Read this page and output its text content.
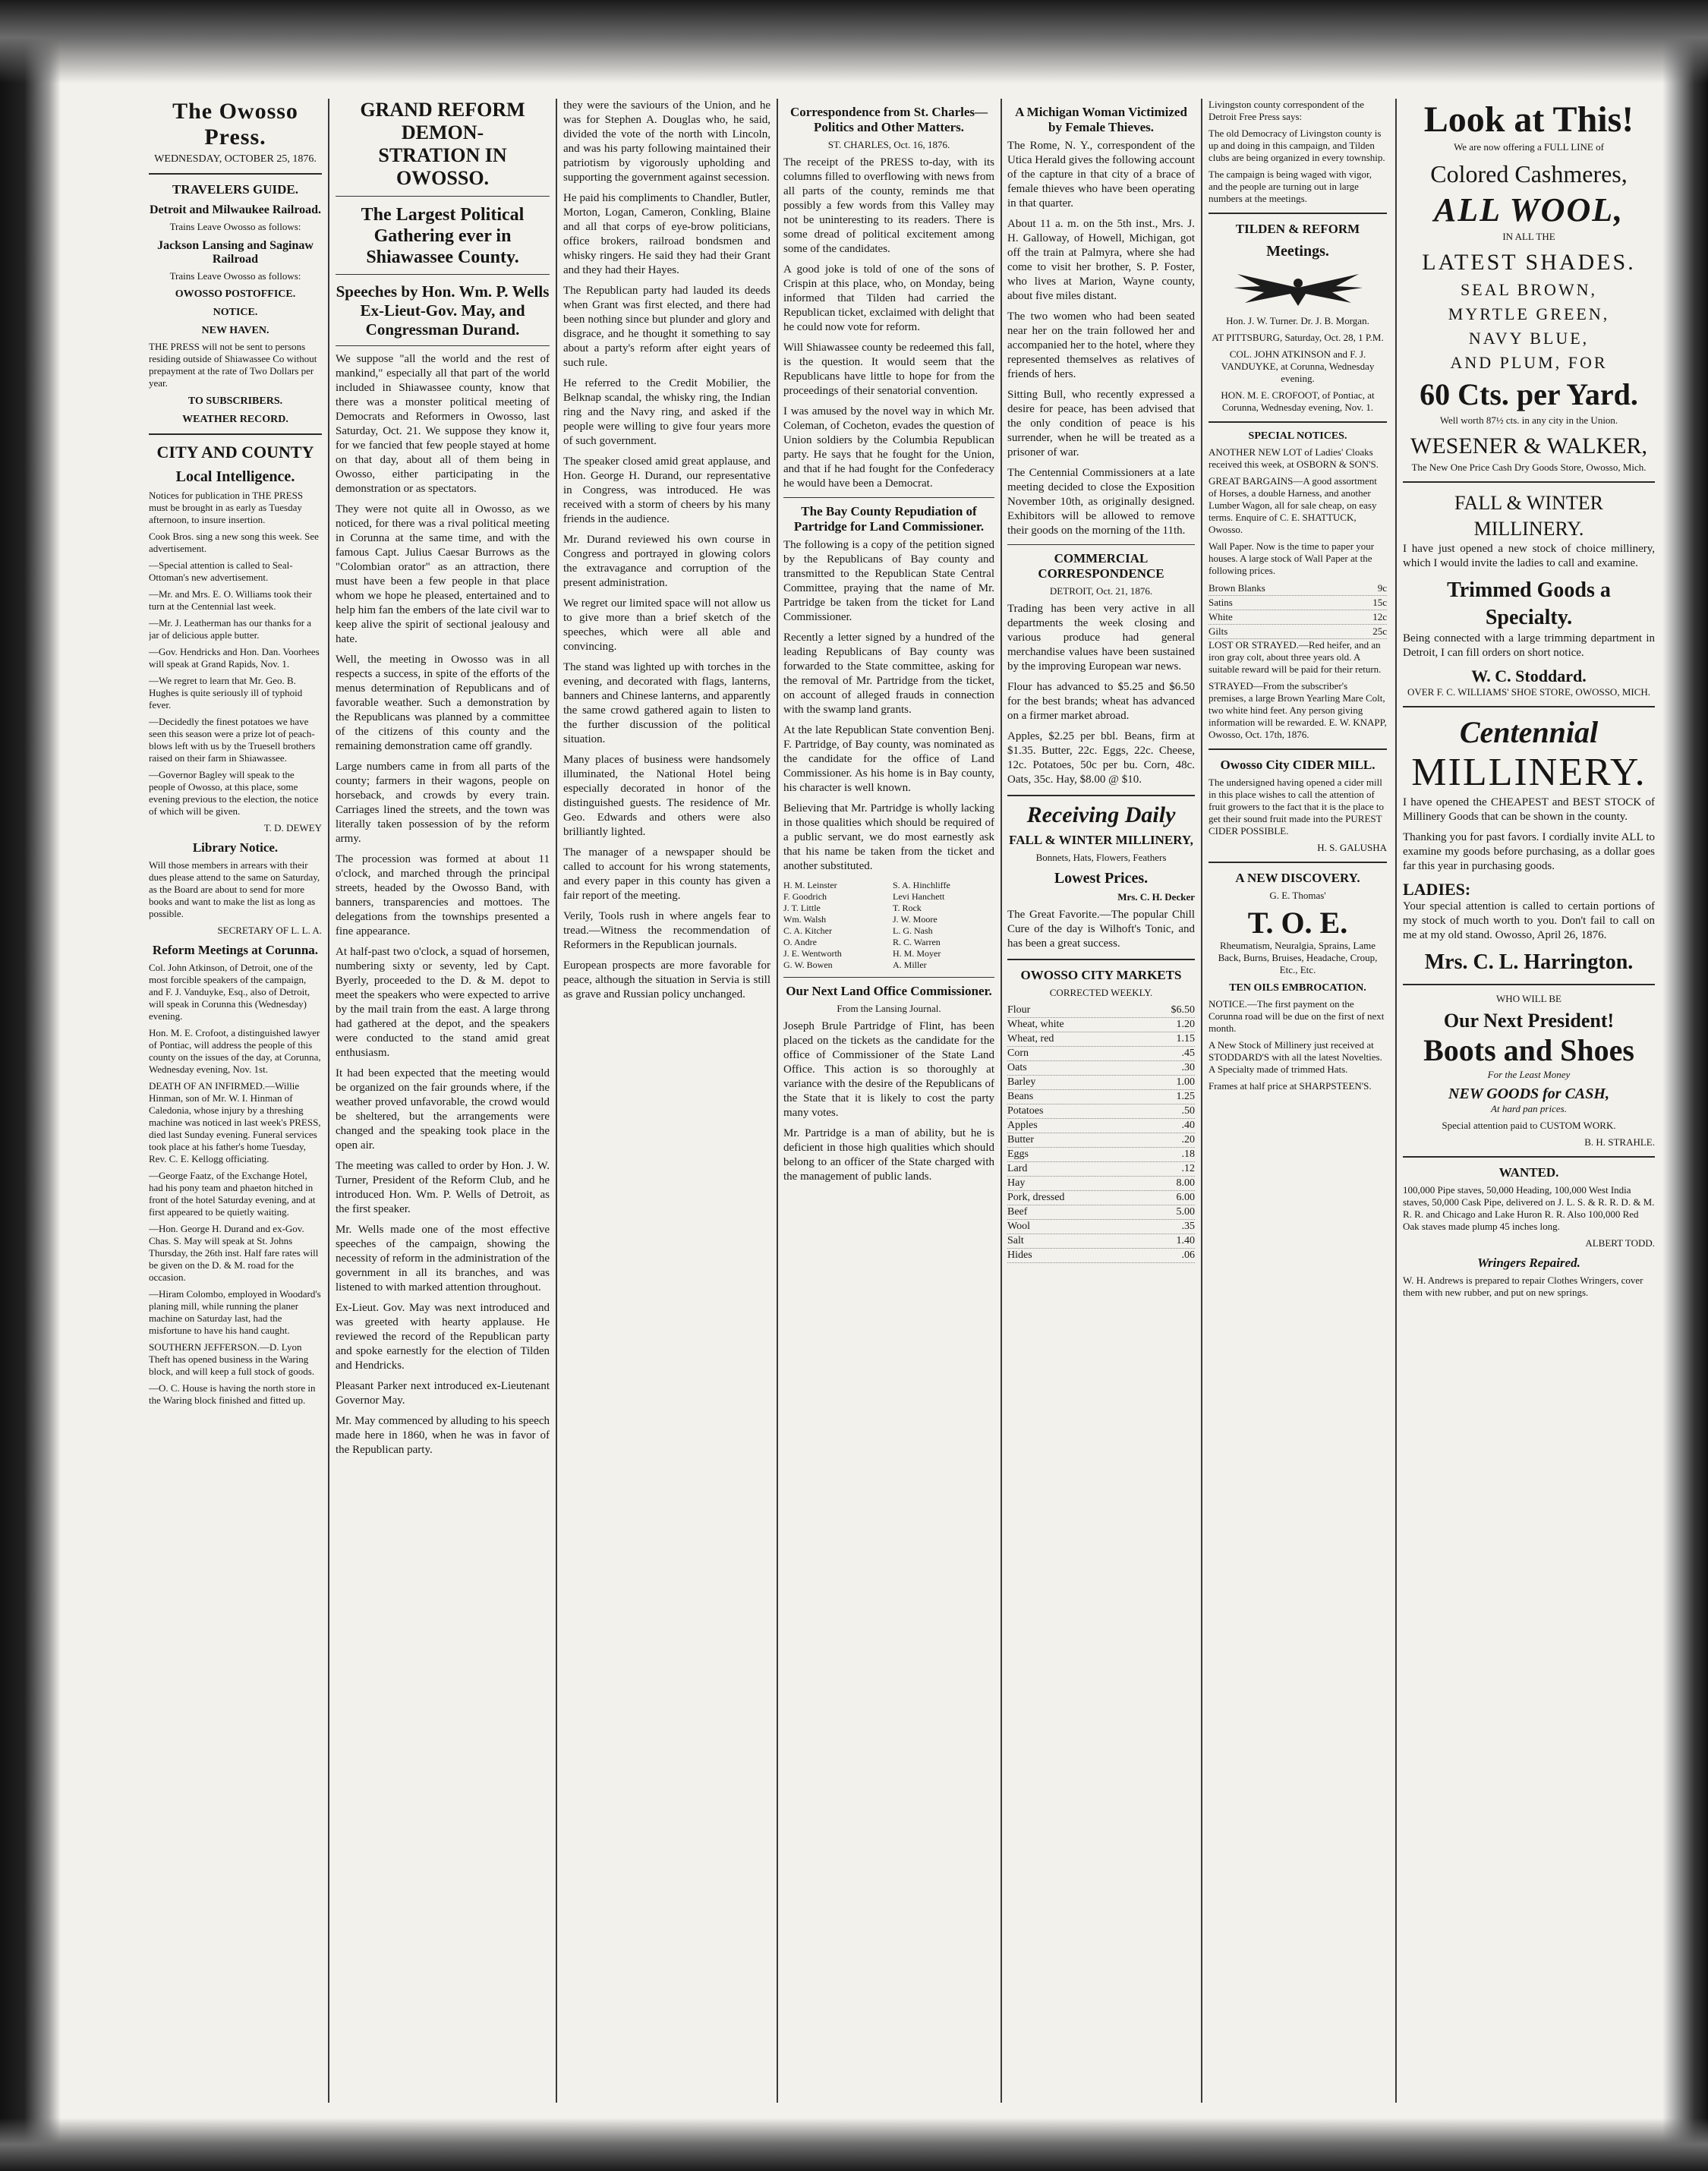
The Owosso Press.
WEDNESDAY, OCTOBER 25, 1876.
TRAVELERS GUIDE.
Detroit and Milwaukee Railroad.

Trains Leave Owosso as follows:

Jackson Lansing and Saginaw Railroad

Trains Leave Owosso as follows:

OWOSSO POSTOFFICE.
NOTICE.
NEW HAVEN.

THE PRESS will not be sent to persons residing outside of Shiawassee Co without prepayment at the rate of Two Dollars per year.

TO SUBSCRIBERS.
WEATHER RECORD.
CITY AND COUNTY
Local Intelligence.

Notices for publication in THE PRESS must be brought in as early as Tuesday afternoon, to insure insertion.

Cook Bros. sing a new song this week. See advertisement.

—Special attention is called to Seal-Ottoman's new advertisement.

—Mr. and Mrs. E. O. Williams took their turn at the Centennial last week.

—Mr. J. Leatherman has our thanks for a jar of delicious apple butter.

—Gov. Hendricks and Hon. Dan. Voorhees will speak at Grand Rapids, Nov. 1.

—We regret to learn that Mr. Geo. B. Hughes is quite seriously ill of typhoid fever.

—Decidedly the finest potatoes we have seen this season were a prize lot of peach-blows left with us by the Truesell brothers raised on their farm in Shiawassee.

—Governor Bagley will speak to the people of Owosso, at this place, some evening previous to the election, the notice of which will be given.

T. D. DEWEY

Library Notice.

Will those members in arrears with their dues please attend to the same on Saturday, as the Board are about to send for more books and want to make the list as long as possible.

SECRETARY OF L. L. A.

Reform Meetings at Corunna.

Col. John Atkinson, of Detroit, one of the most forcible speakers of the campaign, and F. J. Vanduyke, Esq., also of Detroit, will speak in Corunna this (Wednesday) evening.

Hon. M. E. Crofoot, a distinguished lawyer of Pontiac, will address the people of this county on the issues of the day, at Corunna, Wednesday evening, Nov. 1st.

DEATH OF AN INFIRMED.—Willie Hinman, son of Mr. W. I. Hinman of Caledonia, whose injury by a threshing machine was noticed in last week's PRESS, died last Sunday evening. Funeral services took place at his father's home Tuesday, Rev. C. E. Kellogg officiating.

—George Faatz, of the Exchange Hotel, had his pony team and phaeton hitched in front of the hotel Saturday evening, and at first appeared to be quietly waiting.

—Hon. George H. Durand and ex-Gov. Chas. S. May will speak at St. Johns Thursday, the 26th inst. Half fare rates will be given on the D. & M. road for the occasion.

—Hiram Colombo, employed in Woodard's planing mill, while running the planer machine on Saturday last, had the misfortune to have his hand caught.

SOUTHERN JEFFERSON.—D. Lyon Theft has opened business in the Waring block, and will keep a full stock of goods.

—O. C. House is having the north store in the Waring block finished and fitted up.

GRAND REFORM DEMON-
STRATION IN OWOSSO.
The Largest Political Gathering ever in Shiawassee County.
Speeches by Hon. Wm. P. Wells Ex-Lieut-Gov. May, and Congressman Durand.

We suppose "all the world and the rest of mankind," especially all that part of the world included in Shiawassee county, know that there was a monster political meeting of Democrats and Reformers in Owosso, last Saturday, Oct. 21. We suppose they know it, for we fancied that few people stayed at home on that day, about all of them being in Owosso, either participating in the demonstration or as spectators.

They were not quite all in Owosso, as we noticed, for there was a rival political meeting in Corunna at the same time, and with the famous Capt. Julius Caesar Burrows as the "Colombian orator" as an attraction, there must have been a few people in that place whom we hope he pleased, entertained and to help him fan the embers of the late civil war to keep alive the spirit of sectional jealousy and hate.

Well, the meeting in Owosso was in all respects a success, in spite of the efforts of the menus determination of Republicans and of favorable weather. Such a demonstration by the Republicans was planned by a committee of the citizens of this county and the remaining demonstration came off grandly.

Large numbers came in from all parts of the county; farmers in their wagons, people on horseback, and crowds by every train. Carriages lined the streets, and the town was literally taken possession of by the reform army.

The procession was formed at about 11 o'clock, and marched through the principal streets, headed by the Owosso Band, with banners, transparencies and mottoes. The delegations from the townships presented a fine appearance.

At half-past two o'clock, a squad of horsemen, numbering sixty or seventy, led by Capt. Byerly, proceeded to the D. & M. depot to meet the speakers who were expected to arrive by the mail train from the east. A large throng had gathered at the depot, and the speakers were conducted to the stand amid great enthusiasm.

It had been expected that the meeting would be organized on the fair grounds where, if the weather proved unfavorable, the crowd would be sheltered, but the arrangements were changed and the speaking took place in the open air.

The meeting was called to order by Hon. J. W. Turner, President of the Reform Club, and he introduced Hon. Wm. P. Wells of Detroit, as the first speaker.

Mr. Wells made one of the most effective speeches of the campaign, showing the necessity of reform in the administration of the government in all its branches, and was listened to with marked attention throughout.

Ex-Lieut. Gov. May was next introduced and was greeted with hearty applause. He reviewed the record of the Republican party and spoke earnestly for the election of Tilden and Hendricks.

Pleasant Parker next introduced ex-Lieutenant Governor May.

Mr. May commenced by alluding to his speech made here in 1860, when he was in favor of the Republican party.

they were the saviours of the Union, and he was for Stephen A. Douglas who, he said, divided the vote of the north with Lincoln, and was his party following maintained their patriotism by vigorously upholding and supporting the government against secession.

He paid his compliments to Chandler, Butler, Morton, Logan, Cameron, Conkling, Blaine and all that corps of eye-brow politicians, office brokers, railroad bondsmen and whisky ringers. He said they had their Grant and they had their Hayes.

The Republican party had lauded its deeds when Grant was first elected, and there had been nothing since but plunder and glory and disgrace, and he thought it something to say about a party's reform after eight years of such rule.

He referred to the Credit Mobilier, the Belknap scandal, the whisky ring, the Indian ring and the Navy ring, and asked if the people were willing to give four years more of such government.

The speaker closed amid great applause, and Hon. George H. Durand, our representative in Congress, was introduced. He was received with a storm of cheers by his many friends in the audience.

Mr. Durand reviewed his own course in Congress and portrayed in glowing colors the extravagance and corruption of the present administration.

We regret our limited space will not allow us to give more than a brief sketch of the speeches, which were all able and convincing.

The stand was lighted up with torches in the evening, and decorated with flags, lanterns, banners and Chinese lanterns, and apparently the same crowd gathered again to listen to the further discussion of the political situation.

Many places of business were handsomely illuminated, the National Hotel being especially decorated in honor of the distinguished guests. The residence of Mr. Geo. Edwards and others were also brilliantly lighted.

The manager of a newspaper should be called to account for his wrong statements, and every paper in this county has given a fair report of the meeting.

Verily, Tools rush in where angels fear to tread.—Witness the recommendation of Reformers in the Republican journals.

European prospects are more favorable for peace, although the situation in Servia is still as grave and Russian policy unchanged.

Correspondence from St. Charles—Politics and Other Matters.

ST. CHARLES, Oct. 16, 1876.

The receipt of the PRESS to-day, with its columns filled to overflowing with news from all parts of the county, reminds me that possibly a few words from this Valley may not be uninteresting to its readers. There is some dread of political excitement among some of the candidates.

A good joke is told of one of the sons of Crispin at this place, who, on Monday, being informed that Tilden had carried the Republican ticket, exclaimed with delight that he could now vote for reform.

Will Shiawassee county be redeemed this fall, is the question. It would seem that the Republicans have little to hope for from the proceedings of their senatorial convention.

I was amused by the novel way in which Mr. Coleman, of Cocheton, evades the question of Union soldiers by the Columbia Republican party. He says that he fought for the Union, and that if he had fought for the Confederacy he would have been a Democrat.

The Bay County Repudiation of Partridge for Land Commissioner.

The following is a copy of the petition signed by the Republicans of Bay county and transmitted to the Republican State Central Committee, praying that the name of Mr. Partridge be taken from the ticket for Land Commissioner.

Recently a letter signed by a hundred of the leading Republicans of Bay county was forwarded to the State committee, asking for the removal of Mr. Partridge from the ticket, on account of alleged frauds in connection with the swamp land grants.

At the late Republican State convention Benj. F. Partridge, of Bay county, was nominated as the candidate for the office of Land Commissioner. As his home is in Bay county, his character is well known.

Believing that Mr. Partridge is wholly lacking in those qualities which should be required of a public servant, we do most earnestly ask that his name be taken from the ticket and another substituted.

H. M. Leinster	S. A. Hinchliffe
F. Goodrich	Levi Hanchett
J. T. Little	T. Rock
Wm. Walsh	J. W. Moore
C. A. Kitcher	L. G. Nash
O. Andre	R. C. Warren
J. E. Wentworth	H. M. Moyer
G. W. Bowen	A. Miller
Our Next Land Office Commissioner.

From the Lansing Journal.

Joseph Brule Partridge of Flint, has been placed on the tickets as the candidate for the office of Commissioner of the State Land Office. This action is so thoroughly at variance with the desire of the Republicans of the State that it is likely to cost the party many votes.

Mr. Partridge is a man of ability, but he is deficient in those high qualities which should belong to an officer of the State charged with the management of public lands.

A Michigan Woman Victimized by Female Thieves.

The Rome, N. Y., correspondent of the Utica Herald gives the following account of the capture in that city of a brace of female thieves who have been operating in that quarter.

About 11 a. m. on the 5th inst., Mrs. J. H. Galloway, of Howell, Michigan, got off the train at Palmyra, where she had come to visit her brother, S. P. Foster, who lives at Marion, Wayne county, about five miles distant.

The two women who had been seated near her on the train followed her and accompanied her to the hotel, where they represented themselves as relatives of friends of hers.

Sitting Bull, who recently expressed a desire for peace, has been advised that the only condition of peace is his surrender, when he will be treated as a prisoner of war.

The Centennial Commissioners at a late meeting decided to close the Exposition November 10th, as originally designed. Exhibitors will be allowed to remove their goods on the morning of the 11th.

COMMERCIAL CORRESPONDENCE

DETROIT, Oct. 21, 1876.

Trading has been very active in all departments the week closing and various produce had general merchandise values have been sustained by the improving European war news.

Flour has advanced to $5.25 and $6.50 for the best brands; wheat has advanced on a firmer market abroad.

Apples, $2.25 per bbl. Beans, firm at $1.35. Butter, 22c. Eggs, 22c. Cheese, 12c. Potatoes, 50c per bu. Corn, 48c. Oats, 35c. Hay, $8.00 @ $10.

Receiving Daily
FALL & WINTER MILLINERY,

Bonnets, Hats, Flowers, Feathers

Lowest Prices.

Mrs. C. H. Decker

The Great Favorite.—The popular Chill Cure of the day is Wilhoft's Tonic, and has been a great success.

OWOSSO CITY MARKETS

CORRECTED WEEKLY.

Flour	$6.50
Wheat, white	1.20
Wheat, red	1.15
Corn	.45
Oats	.30
Barley	1.00
Beans	1.25
Potatoes	.50
Apples	.40
Butter	.20
Eggs	.18
Lard	.12
Hay	8.00
Pork, dressed	6.00
Beef	5.00
Wool	.35
Salt	1.40
Hides	.06

Livingston county correspondent of the Detroit Free Press says:

The old Democracy of Livingston county is up and doing in this campaign, and Tilden clubs are being organized in every township.

The campaign is being waged with vigor, and the people are turning out in large numbers at the meetings.

TILDEN & REFORM
Meetings.

Hon. J. W. Turner. Dr. J. B. Morgan.

AT PITTSBURG, Saturday, Oct. 28, 1 P.M.

COL. JOHN ATKINSON and F. J. VANDUYKE, at Corunna, Wednesday evening.

HON. M. E. CROFOOT, of Pontiac, at Corunna, Wednesday evening, Nov. 1.

SPECIAL NOTICES.

ANOTHER NEW LOT of Ladies' Cloaks received this week, at OSBORN & SON'S.

GREAT BARGAINS—A good assortment of Horses, a double Harness, and another Lumber Wagon, all for sale cheap, on easy terms. Enquire of C. E. SHATTUCK, Owosso.

Wall Paper. Now is the time to paper your houses. A large stock of Wall Paper at the following prices.

Brown Blanks	9c
Satins	15c
White	12c
Gilts	25c

LOST OR STRAYED.—Red heifer, and an iron gray colt, about three years old. A suitable reward will be paid for their return.

STRAYED—From the subscriber's premises, a large Brown Yearling Mare Colt, two white hind feet. Any person giving information will be rewarded. E. W. KNAPP, Owosso, Oct. 17th, 1876.

Owosso City CIDER MILL.

The undersigned having opened a cider mill in this place wishes to call the attention of fruit growers to the fact that it is the place to get their sound fruit made into the PUREST CIDER POSSIBLE.

H. S. GALUSHA

A NEW DISCOVERY.

G. E. Thomas'

T. O. E.

Rheumatism, Neuralgia, Sprains, Lame Back, Burns, Bruises, Headache, Croup, Etc., Etc.

TEN OILS EMBROCATION.

NOTICE.—The first payment on the Corunna road will be due on the first of next month.

A New Stock of Millinery just received at STODDARD'S with all the latest Novelties. A Specialty made of trimmed Hats.

Frames at half price at SHARPSTEEN'S.

Look at This!

We are now offering a FULL LINE of

Colored Cashmeres,
ALL WOOL,

IN ALL THE

LATEST SHADES.
SEAL BROWN,
MYRTLE GREEN,
NAVY BLUE,
AND PLUM, FOR
60 Cts. per Yard.

Well worth 87½ cts. in any city in the Union.

WESENER & WALKER,

The New One Price Cash Dry Goods Store, Owosso, Mich.

FALL & WINTER MILLINERY.

I have just opened a new stock of choice millinery, which I would invite the ladies to call and examine.

Trimmed Goods a Specialty.

Being connected with a large trimming department in Detroit, I can fill orders on short notice.

W. C. Stoddard.

OVER F. C. WILLIAMS' SHOE STORE, OWOSSO, MICH.

Centennial
MILLINERY.

I have opened the CHEAPEST and BEST STOCK of Millinery Goods that can be shown in the county.

Thanking you for past favors. I cordially invite ALL to examine my goods before purchasing, as a dollar goes far this year in purchasing goods.

LADIES:

Your special attention is called to certain portions of my stock of much worth to you. Don't fail to call on me at my old stand. Owosso, April 26, 1876.

Mrs. C. L. Harrington.

WHO WILL BE

Our Next President!
Boots and Shoes

For the Least Money

NEW GOODS for CASH,

At hard pan prices.

Special attention paid to CUSTOM WORK.

B. H. STRAHLE.

WANTED.

100,000 Pipe staves, 50,000 Heading, 100,000 West India staves, 50,000 Cask Pipe, delivered on J. L. S. & R. R. D. & M. R. R. and Chicago and Lake Huron R. R. Also 100,000 Red Oak staves made plump 45 inches long.

ALBERT TODD.

Wringers Repaired.

W. H. Andrews is prepared to repair Clothes Wringers, cover them with new rubber, and put on new springs.
